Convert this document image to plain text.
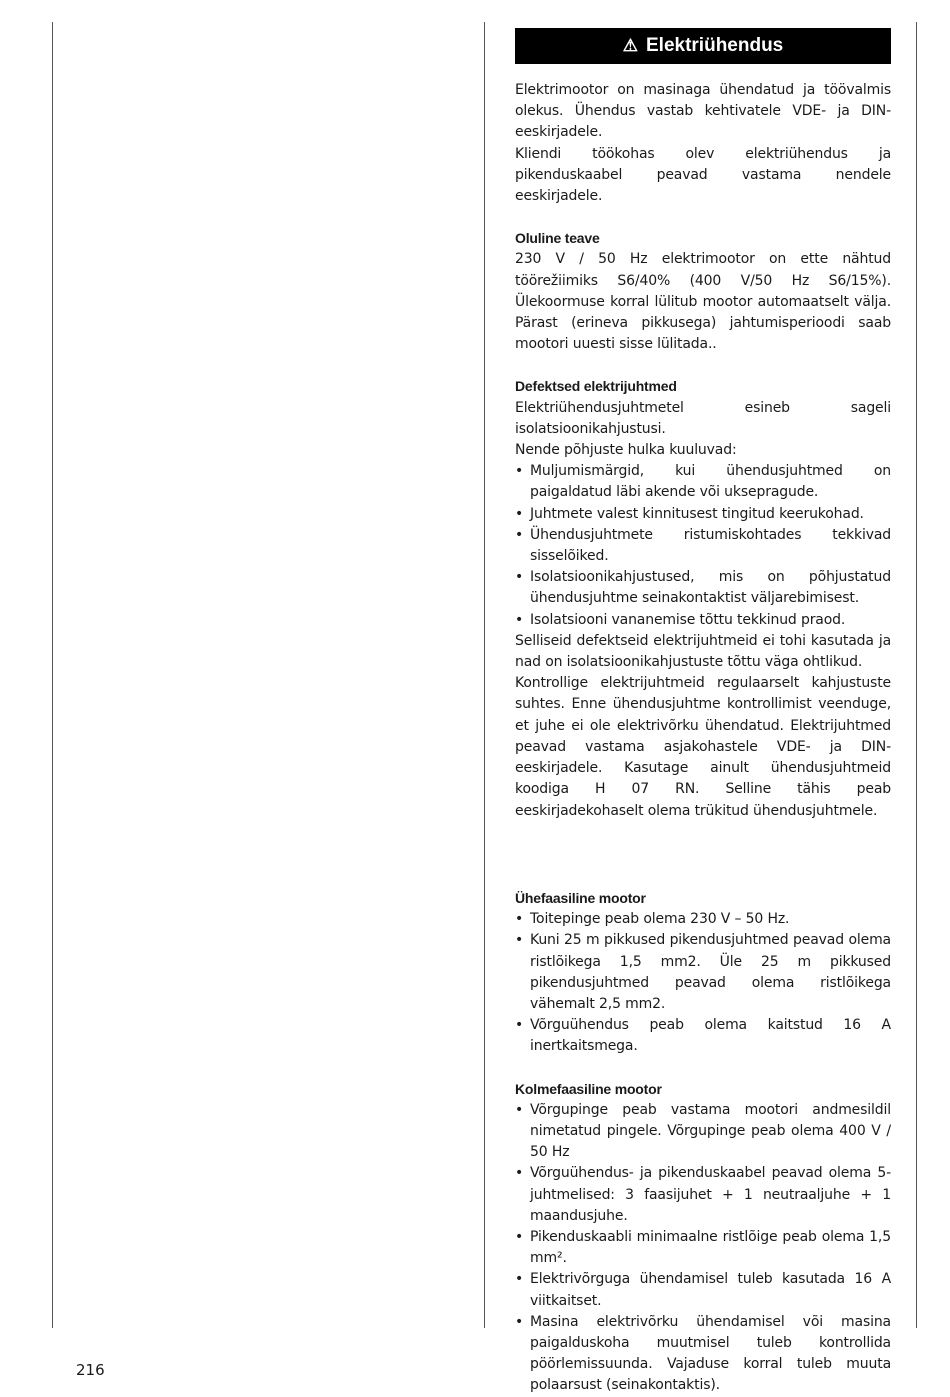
⚠ Elektriühendus

Elektrimootor on masinaga ühendatud ja töövalmis olekus. Ühendus vastab kehtivatele VDE- ja DIN-eeskirjadele.

Kliendi töökohas olev elektriühendus ja pikenduskaabel peavad vastama nendele eeskirjadele.

Oluline teave

230 V / 50 Hz elektrimootor on ette nähtud töörežiimiks S6/40% (400 V/50 Hz S6/15%). Ülekoormuse korral lülitub mootor automaatselt välja. Pärast (erineva pikkusega) jahtumisperioodi saab mootori uuesti sisse lülitada..

Defektsed elektrijuhtmed

Elektriühendusjuhtmetel esineb sageli isolatsioonikahjustusi.

Nende põhjuste hulka kuuluvad:

• Muljumismärgid, kui ühendusjuhtmed on paigaldatud läbi akende või uksepragude.
• Juhtmete valest kinnitusest tingitud keerukohad.
• Ühendusjuhtmete ristumiskohtades tekkivad sisselõiked.
• Isolatsioonikahjustused, mis on põhjustatud ühendusjuhtme seinakontaktist väljarebimisest.
• Isolatsiooni vananemise tõttu tekkinud praod.

Selliseid defektseid elektrijuhtmeid ei tohi kasutada ja nad on isolatsioonikahjustuste tõttu väga ohtlikud.

Kontrollige elektrijuhtmeid regulaarselt kahjustuste suhtes. Enne ühendusjuhtme kontrollimist veenduge, et juhe ei ole elektrivõrku ühendatud. Elektrijuhtmed peavad vastama asjakohastele VDE- ja DIN-eeskirjadele. Kasutage ainult ühendusjuhtmeid koodiga H 07 RN. Selline tähis peab eeskirjadekohaselt olema trükitud ühendusjuhtmele.

Ühefaasiline mootor

• Toitepinge peab olema 230 V – 50 Hz.
• Kuni 25 m pikkused pikendusjuhtmed peavad olema ristlõikega 1,5 mm2. Üle 25 m pikkused pikendusjuhtmed peavad olema ristlõikega vähemalt 2,5 mm2.
• Võrguühendus peab olema kaitstud 16 A inertkaitsmega.

Kolmefaasiline mootor

• Võrgupinge peab vastama mootori andmesildil nimetatud pingele. Võrgupinge peab olema 400 V / 50 Hz
• Võrguühendus- ja pikenduskaabel peavad olema 5-juhtmelised: 3 faasijuhet + 1 neutraaljuhe + 1 maandusjuhe.
• Pikenduskaabli minimaalne ristlõige peab olema 1,5 mm².
• Elektrivõrguga ühendamisel tuleb kasutada 16 A viitkaitset.
• Masina elektrivõrku ühendamisel või masina paigalduskoha muutmisel tuleb kontrollida pöörlemissuunda. Vajaduse korral tuleb muuta polaarsust (seinakontaktis).
216
